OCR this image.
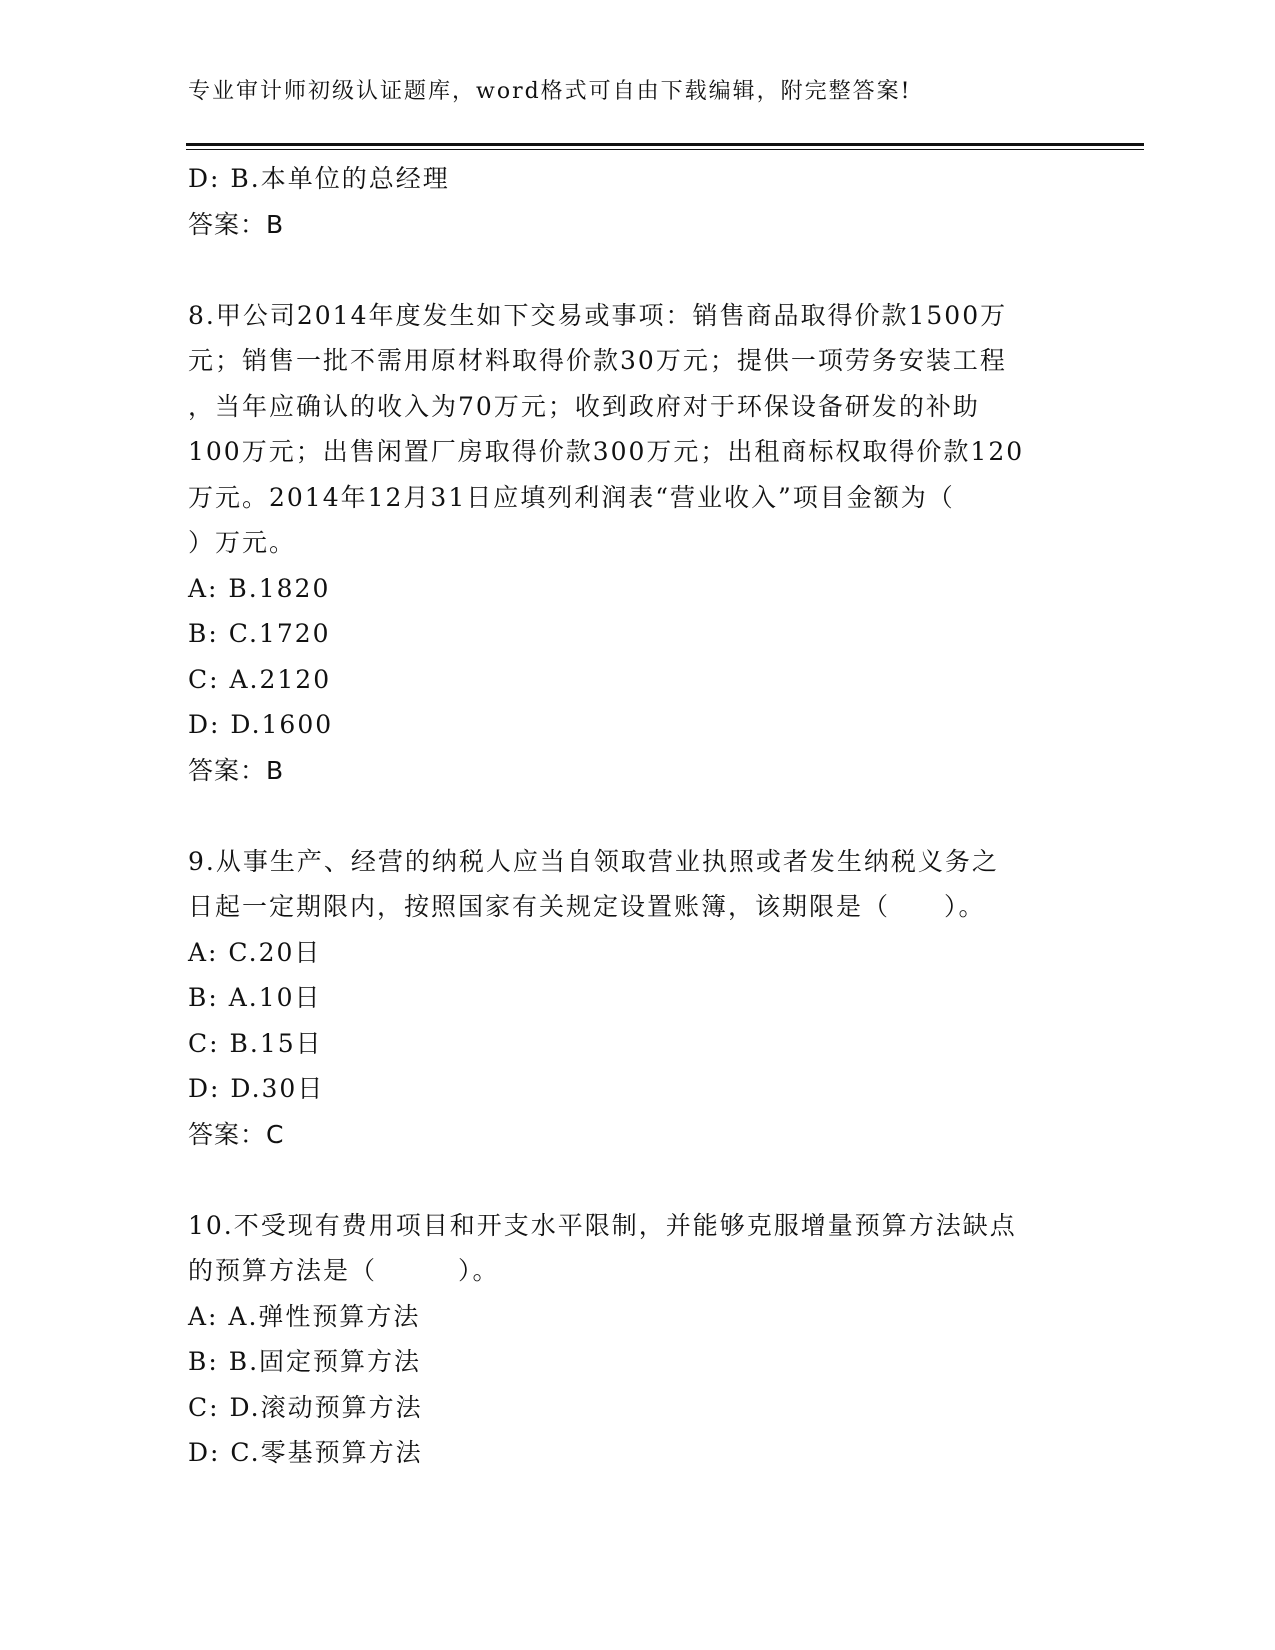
专业审计师初级认证题库，word格式可自由下载编辑，附完整答案!
D: B.本单位的总经理
答案：B
8.甲公司2014年度发生如下交易或事项：销售商品取得价款1500万
元；销售一批不需用原材料取得价款30万元；提供一项劳务安装工程
，当年应确认的收入为70万元；收到政府对于环保设备研发的补助
100万元；出售闲置厂房取得价款300万元；出租商标权取得价款120
万元。2014年12月31日应填列利润表“营业收入”项目金额为（
）万元。
A: B.1820
B: C.1720
C: A.2120
D: D.1600
答案：B
9.从事生产、经营的纳税人应当自领取营业执照或者发生纳税义务之
日起一定期限内，按照国家有关规定设置账簿，该期限是（　　）。
A: C.20日
B: A.10日
C: B.15日
D: D.30日
答案：C
10.不受现有费用项目和开支水平限制，并能够克服增量预算方法缺点
的预算方法是（　　　）。
A: A.弹性预算方法
B: B.固定预算方法
C: D.滚动预算方法
D: C.零基预算方法
